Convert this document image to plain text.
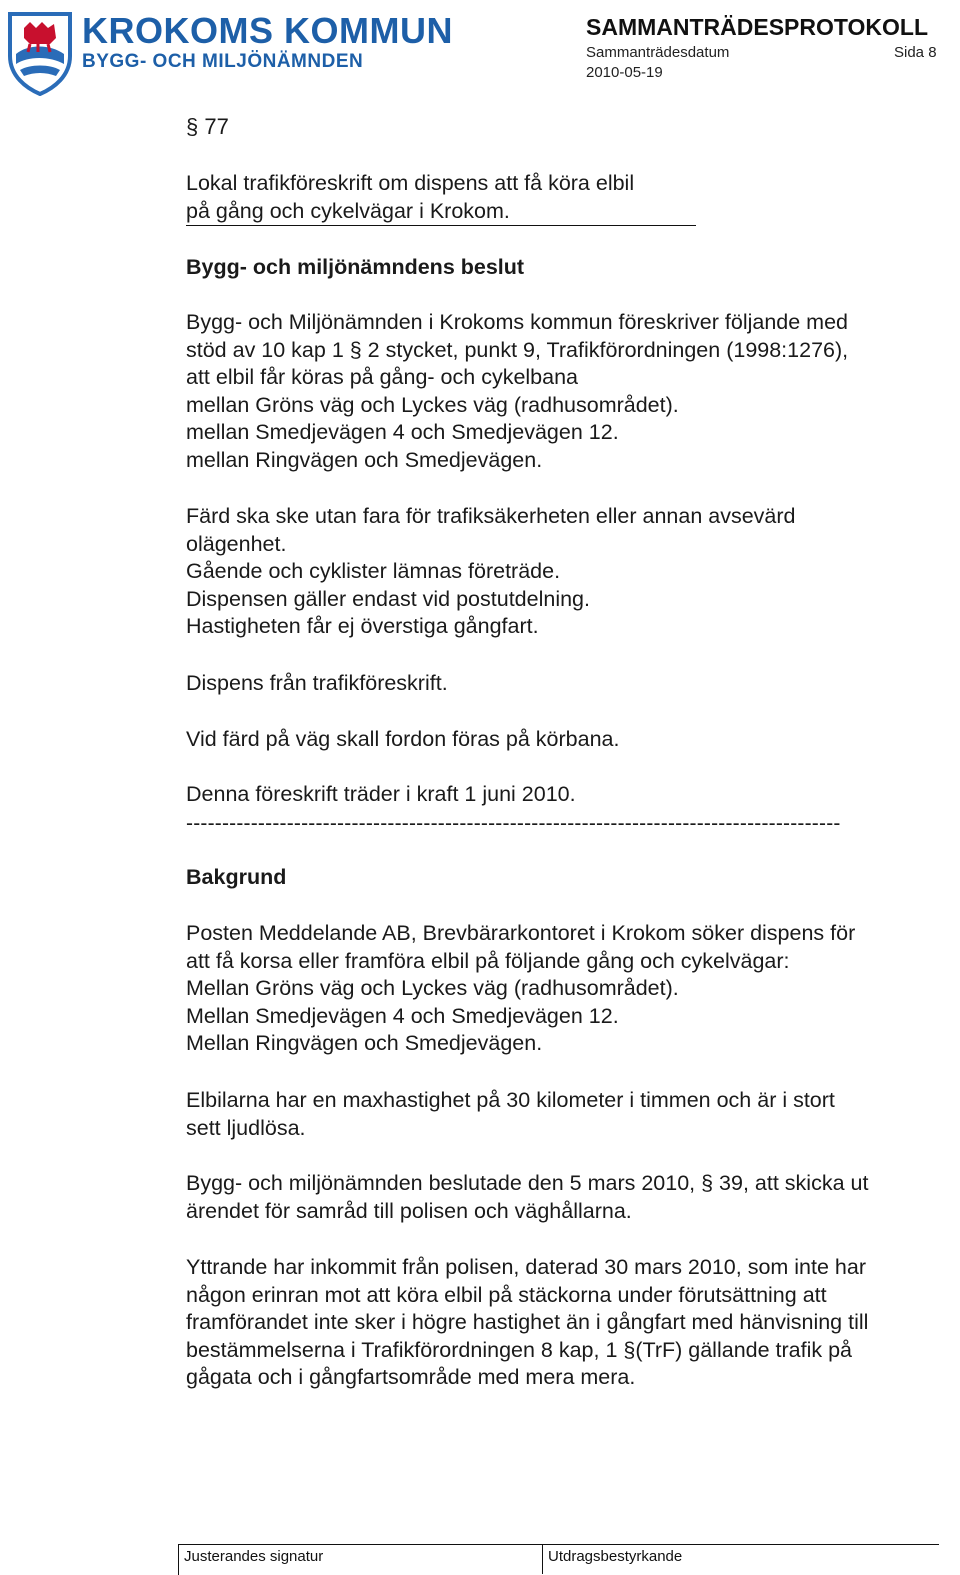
KROKOMS KOMMUN
BYGG- OCH MILJÖNÄMNDEN
SAMMANTRÄDESPROTOKOLL
Sammanträdesdatum	Sida 8
2010-05-19
§ 77
Lokal trafikföreskrift om dispens att få köra elbil
på gång och cykelvägar i Krokom.
Bygg- och miljönämndens beslut
Bygg- och Miljönämnden i Krokoms kommun föreskriver följande med
stöd av 10 kap 1 § 2 stycket, punkt 9, Trafikförordningen (1998:1276),
att elbil får köras på gång- och cykelbana
mellan Gröns väg och Lyckes väg (radhusområdet).
mellan Smedjevägen 4 och Smedjevägen 12.
mellan Ringvägen och Smedjevägen.
Färd ska ske utan fara för trafiksäkerheten eller annan avsevärd
olägenhet.
Gående och cyklister lämnas företräde.
Dispensen gäller endast vid postutdelning.
Hastigheten får ej överstiga gångfart.
Dispens från trafikföreskrift.
Vid färd på väg skall fordon föras på körbana.
Denna föreskrift träder i kraft 1 juni 2010.
-------------------------------------------------------------------------------------------
Bakgrund
Posten Meddelande AB, Brevbärarkontoret i Krokom söker dispens för
att få korsa eller framföra elbil på följande gång och cykelvägar:
Mellan Gröns väg och Lyckes väg (radhusområdet).
Mellan Smedjevägen 4 och Smedjevägen 12.
Mellan Ringvägen och Smedjevägen.
Elbilarna har en maxhastighet på 30 kilometer i timmen och är i stort
sett ljudlösa.
Bygg- och miljönämnden beslutade den 5 mars 2010, § 39, att skicka ut
ärendet för samråd till polisen och väghållarna.
Yttrande har inkommit från polisen, daterad 30 mars 2010, som inte har
någon erinran mot att köra elbil på stäckorna under förutsättning att
framförandet inte sker i högre hastighet än i gångfart med hänvisning till
bestämmelserna i Trafikförordningen 8 kap, 1 §(TrF) gällande trafik på
gågata och i gångfartsområde med mera mera.
Justerandes signatur	Utdragsbestyrkande
